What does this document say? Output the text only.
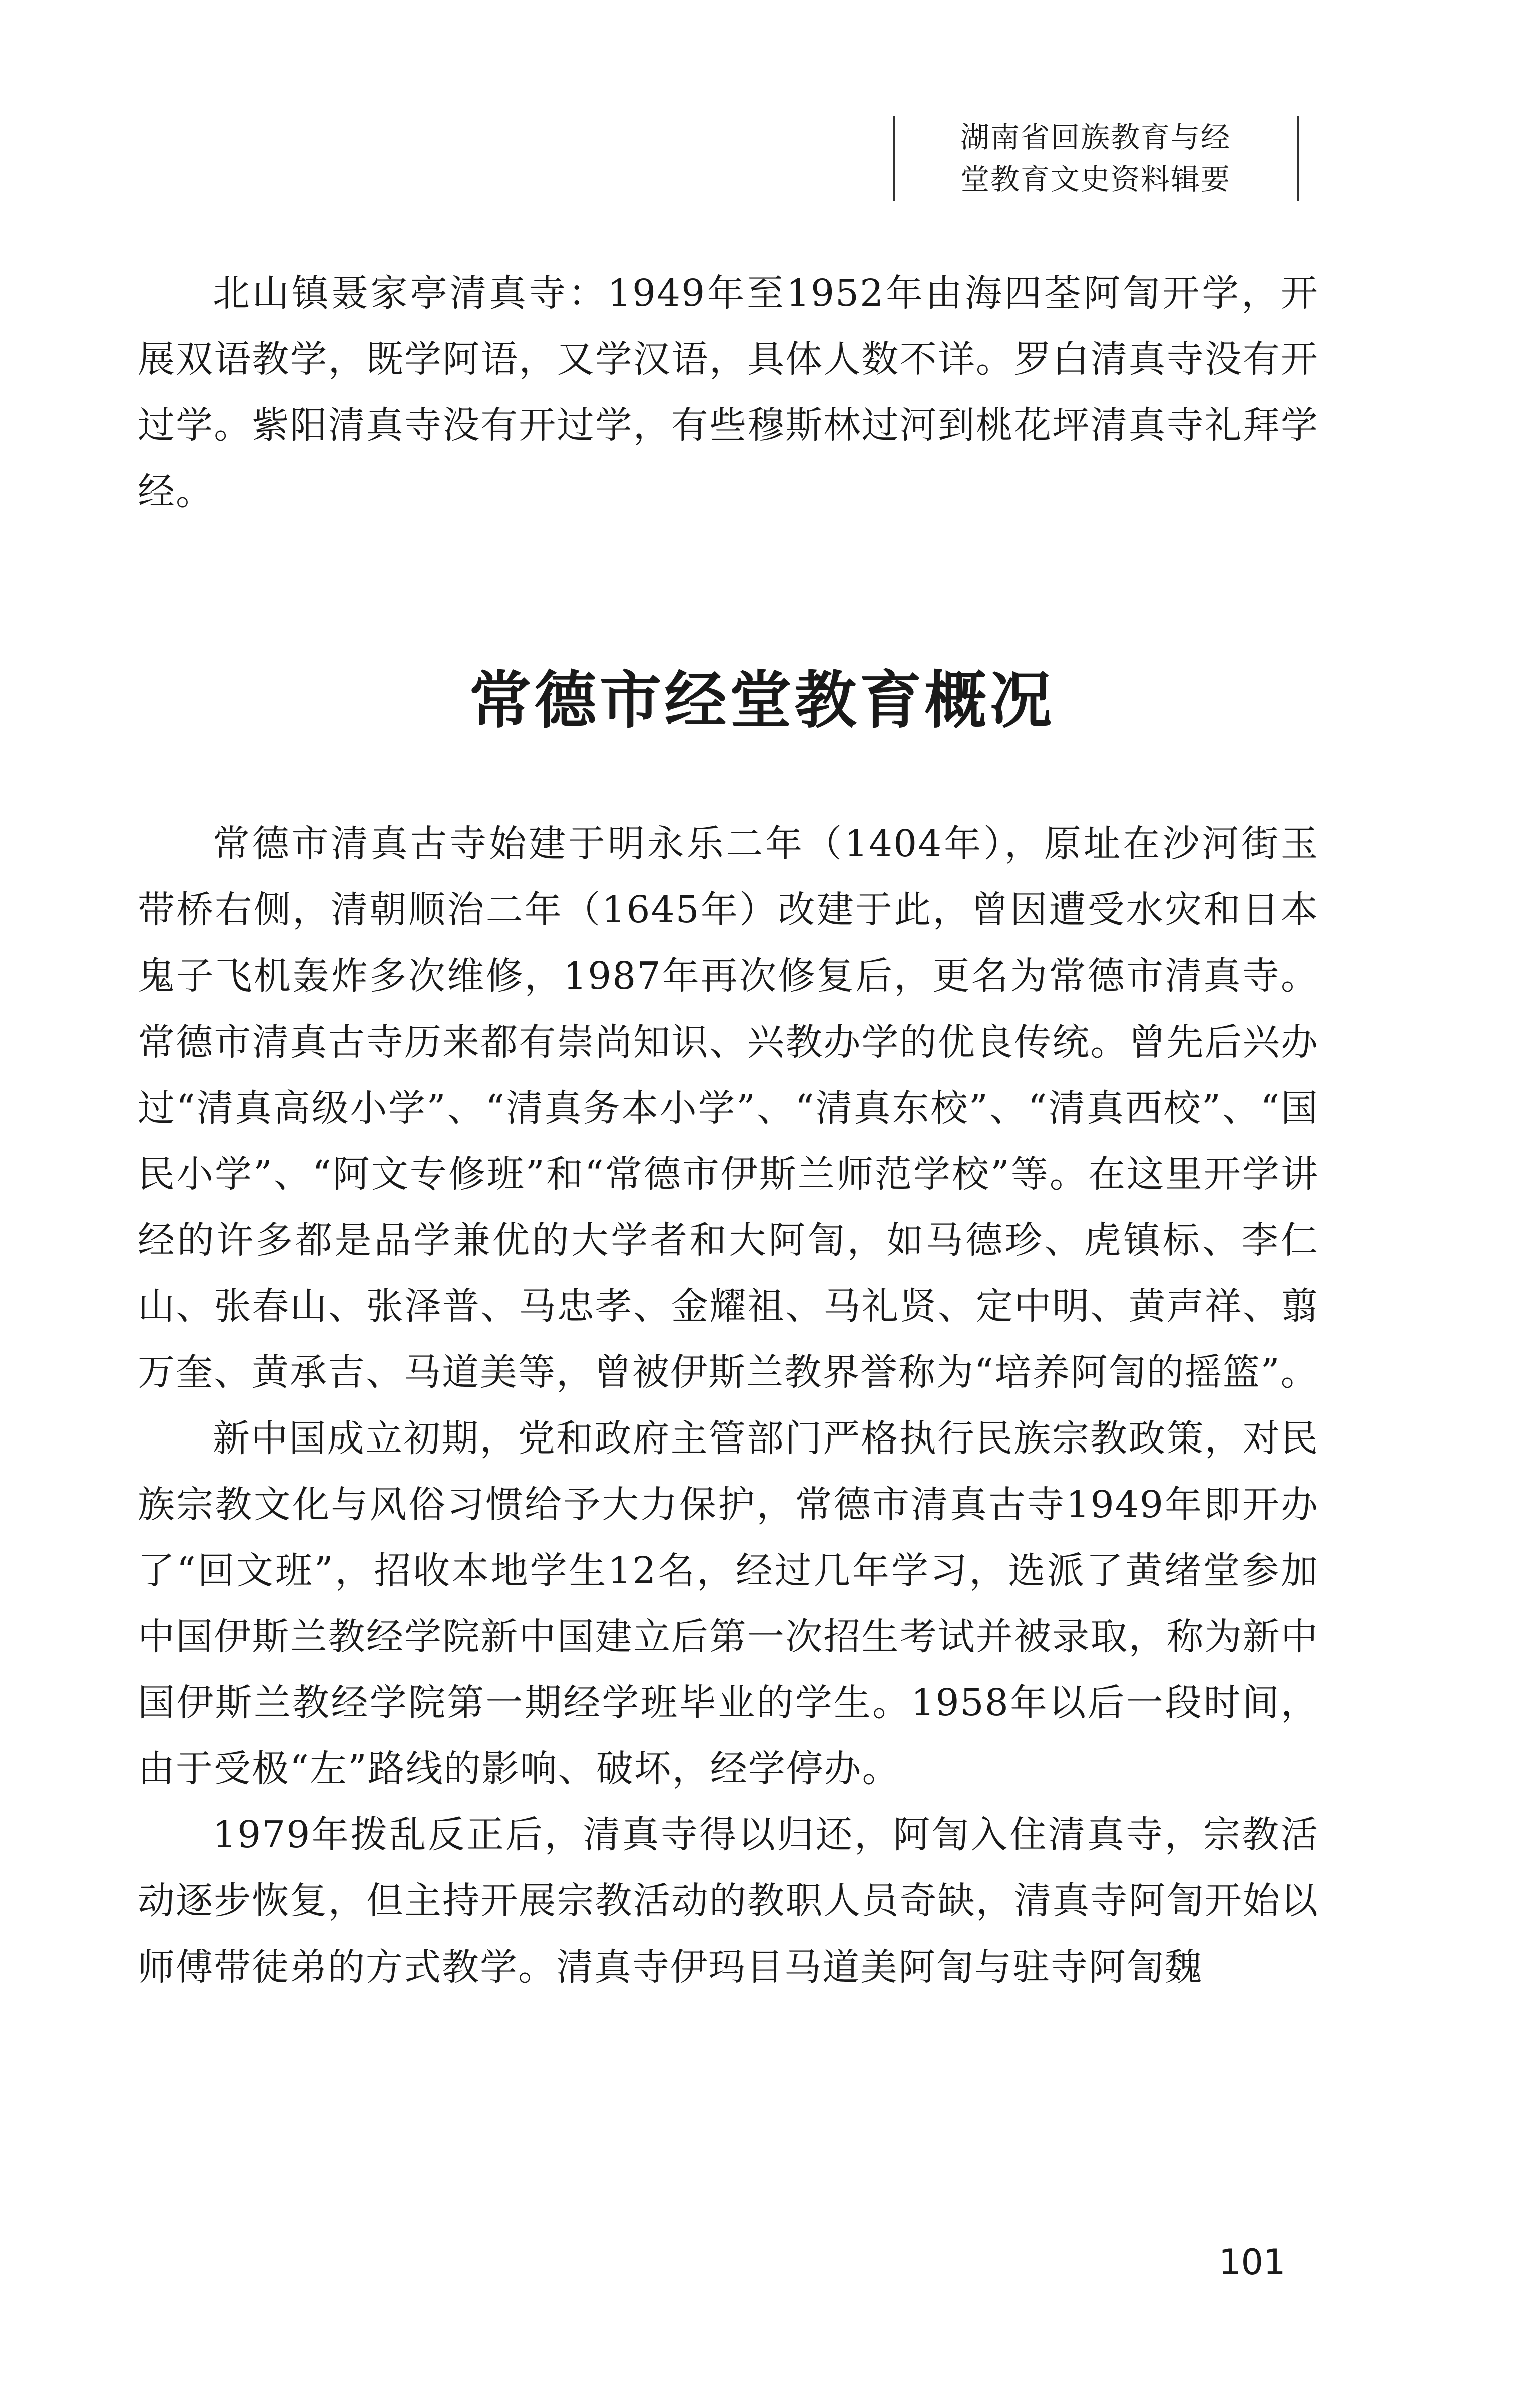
湖南省回族教育与经
堂教育文史资料辑要

北山镇聂家亭清真寺：1949年至1952年由海四荃阿訇开学，开展双语教学，既学阿语，又学汉语，具体人数不详。罗白清真寺没有开过学。紫阳清真寺没有开过学，有些穆斯林过河到桃花坪清真寺礼拜学经。

常德市经堂教育概况

常德市清真古寺始建于明永乐二年（1404年），原址在沙河街玉带桥右侧，清朝顺治二年（1645年）改建于此，曾因遭受水灾和日本鬼子飞机轰炸多次维修，1987年再次修复后，更名为常德市清真寺。常德市清真古寺历来都有崇尚知识、兴教办学的优良传统。曾先后兴办过“清真高级小学”、“清真务本小学”、“清真东校”、“清真西校”、“国民小学”、“阿文专修班”和“常德市伊斯兰师范学校”等。在这里开学讲经的许多都是品学兼优的大学者和大阿訇，如马德珍、虎镇标、李仁山、张春山、张泽普、马忠孝、金耀祖、马礼贤、定中明、黄声祥、翦万奎、黄承吉、马道美等，曾被伊斯兰教界誉称为“培养阿訇的摇篮”。

新中国成立初期，党和政府主管部门严格执行民族宗教政策，对民族宗教文化与风俗习惯给予大力保护，常德市清真古寺1949年即开办了“回文班”，招收本地学生12名，经过几年学习，选派了黄绪堂参加中国伊斯兰教经学院新中国建立后第一次招生考试并被录取，称为新中国伊斯兰教经学院第一期经学班毕业的学生。1958年以后一段时间，由于受极“左”路线的影响、破坏，经学停办。

1979年拨乱反正后，清真寺得以归还，阿訇入住清真寺，宗教活动逐步恢复，但主持开展宗教活动的教职人员奇缺，清真寺阿訇开始以师傅带徒弟的方式教学。清真寺伊玛目马道美阿訇与驻寺阿訇魏

101
